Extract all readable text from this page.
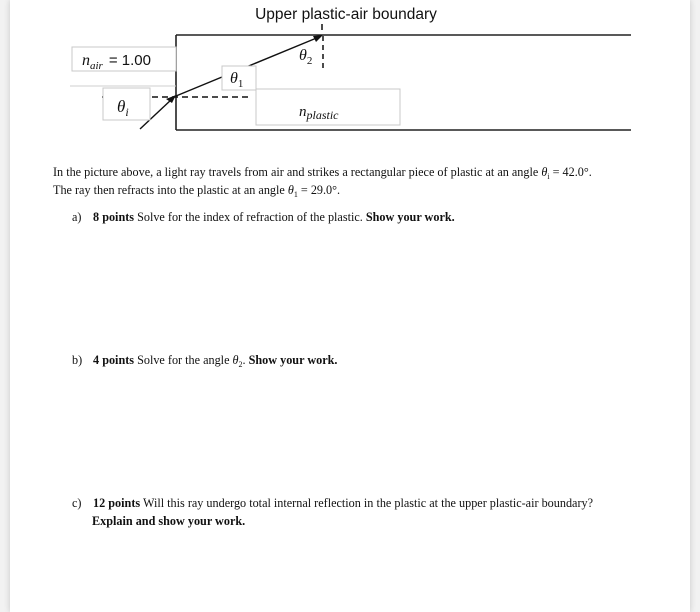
Upper plastic-air boundary
$n_{air} = 1.00$
$\theta_i$
$\theta_1$
$\theta_2$
$n_{plastic}$

In the picture above, a light ray travels from air and strikes a rectangular piece of plastic at an angle $\theta_i = 42.0^\circ$.
The ray then refracts into the plastic at an angle $\theta_1 = 29.0^\circ$.

a) 8 points Solve for the index of refraction of the plastic. Show your work.

b) 4 points Solve for the angle $\theta_2$. Show your work.

c) 12 points Will this ray undergo total internal reflection in the plastic at the upper plastic-air boundary?
Explain and show your work.
